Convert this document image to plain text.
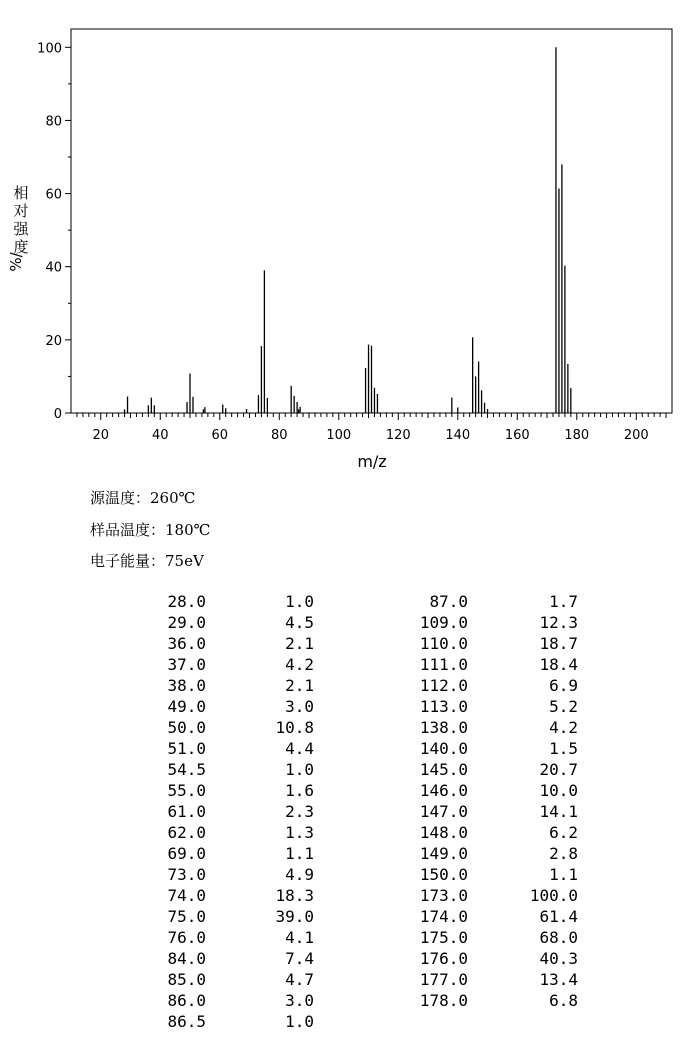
0
20
40
60
80
100
20	40	60	80	100	120	140	160	180	200
m/z
相
对
强
度
%/
源温度：260℃
样品温度：180℃
电子能量：75eV
28.0	1.0	87.0	1.7
29.0	4.5	109.0	12.3
36.0	2.1	110.0	18.7
37.0	4.2	111.0	18.4
38.0	2.1	112.0	6.9
49.0	3.0	113.0	5.2
50.0	10.8	138.0	4.2
51.0	4.4	140.0	1.5
54.5	1.0	145.0	20.7
55.0	1.6	146.0	10.0
61.0	2.3	147.0	14.1
62.0	1.3	148.0	6.2
69.0	1.1	149.0	2.8
73.0	4.9	150.0	1.1
74.0	18.3	173.0	100.0
75.0	39.0	174.0	61.4
76.0	4.1	175.0	68.0
84.0	7.4	176.0	40.3
85.0	4.7	177.0	13.4
86.0	3.0	178.0	6.8
86.5	1.0		
